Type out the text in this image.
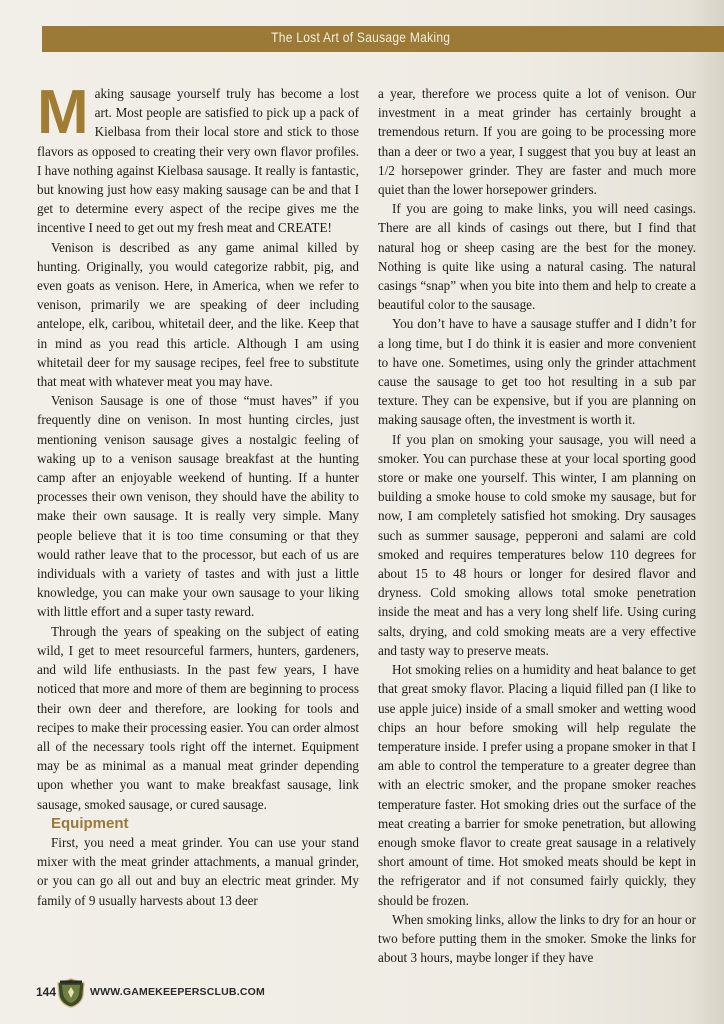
The Lost Art of Sausage Making

Making sausage yourself truly has become a lost art. Most people are satisfied to pick up a pack of Kielbasa from their local store and stick to those flavors as opposed to creating their very own flavor profiles. I have nothing against Kielbasa sausage. It really is fantastic, but knowing just how easy making sausage can be and that I get to determine every aspect of the recipe gives me the incentive I need to get out my fresh meat and CREATE!

Venison is described as any game animal killed by hunting. Originally, you would categorize rabbit, pig, and even goats as venison. Here, in America, when we refer to venison, primarily we are speaking of deer including antelope, elk, caribou, whitetail deer, and the like. Keep that in mind as you read this article. Although I am using whitetail deer for my sausage recipes, feel free to substitute that meat with whatever meat you may have.

Venison Sausage is one of those “must haves” if you frequently dine on venison. In most hunting circles, just mentioning venison sausage gives a nostalgic feeling of waking up to a venison sausage breakfast at the hunting camp after an enjoyable weekend of hunting. If a hunter processes their own venison, they should have the ability to make their own sausage. It is really very simple. Many people believe that it is too time consuming or that they would rather leave that to the processor, but each of us are individuals with a variety of tastes and with just a little knowledge, you can make your own sausage to your liking with little effort and a super tasty reward.

Through the years of speaking on the subject of eating wild, I get to meet resourceful farmers, hunters, gardeners, and wild life enthusiasts. In the past few years, I have noticed that more and more of them are beginning to process their own deer and therefore, are looking for tools and recipes to make their processing easier. You can order almost all of the necessary tools right off the internet. Equipment may be as minimal as a manual meat grinder depending upon whether you want to make breakfast sausage, link sausage, smoked sausage, or cured sausage.

Equipment

First, you need a meat grinder. You can use your stand mixer with the meat grinder attachments, a manual grinder, or you can go all out and buy an electric meat grinder. My family of 9 usually harvests about 13 deer

a year, therefore we process quite a lot of venison. Our investment in a meat grinder has certainly brought a tremendous return. If you are going to be processing more than a deer or two a year, I suggest that you buy at least an 1/2 horsepower grinder. They are faster and much more quiet than the lower horsepower grinders.

If you are going to make links, you will need casings. There are all kinds of casings out there, but I find that natural hog or sheep casing are the best for the money. Nothing is quite like using a natural casing. The natural casings “snap” when you bite into them and help to create a beautiful color to the sausage.

You don’t have to have a sausage stuffer and I didn’t for a long time, but I do think it is easier and more convenient to have one. Sometimes, using only the grinder attachment cause the sausage to get too hot resulting in a sub par texture. They can be expensive, but if you are planning on making sausage often, the investment is worth it.

If you plan on smoking your sausage, you will need a smoker. You can purchase these at your local sporting good store or make one yourself. This winter, I am planning on building a smoke house to cold smoke my sausage, but for now, I am completely satisfied hot smoking. Dry sausages such as summer sausage, pepperoni and salami are cold smoked and requires temperatures below 110 degrees for about 15 to 48 hours or longer for desired flavor and dryness. Cold smoking allows total smoke penetration inside the meat and has a very long shelf life. Using curing salts, drying, and cold smoking meats are a very effective and tasty way to preserve meats.

Hot smoking relies on a humidity and heat balance to get that great smoky flavor. Placing a liquid filled pan (I like to use apple juice) inside of a small smoker and wetting wood chips an hour before smoking will help regulate the temperature inside. I prefer using a propane smoker in that I am able to control the temperature to a greater degree than with an electric smoker, and the propane smoker reaches temperature faster. Hot smoking dries out the surface of the meat creating a barrier for smoke penetration, but allowing enough smoke flavor to create great sausage in a relatively short amount of time. Hot smoked meats should be kept in the refrigerator and if not consumed fairly quickly, they should be frozen.

When smoking links, allow the links to dry for an hour or two before putting them in the smoker. Smoke the links for about 3 hours, maybe longer if they have

144	WWW.GAMEKEEPERSCLUB.COM
